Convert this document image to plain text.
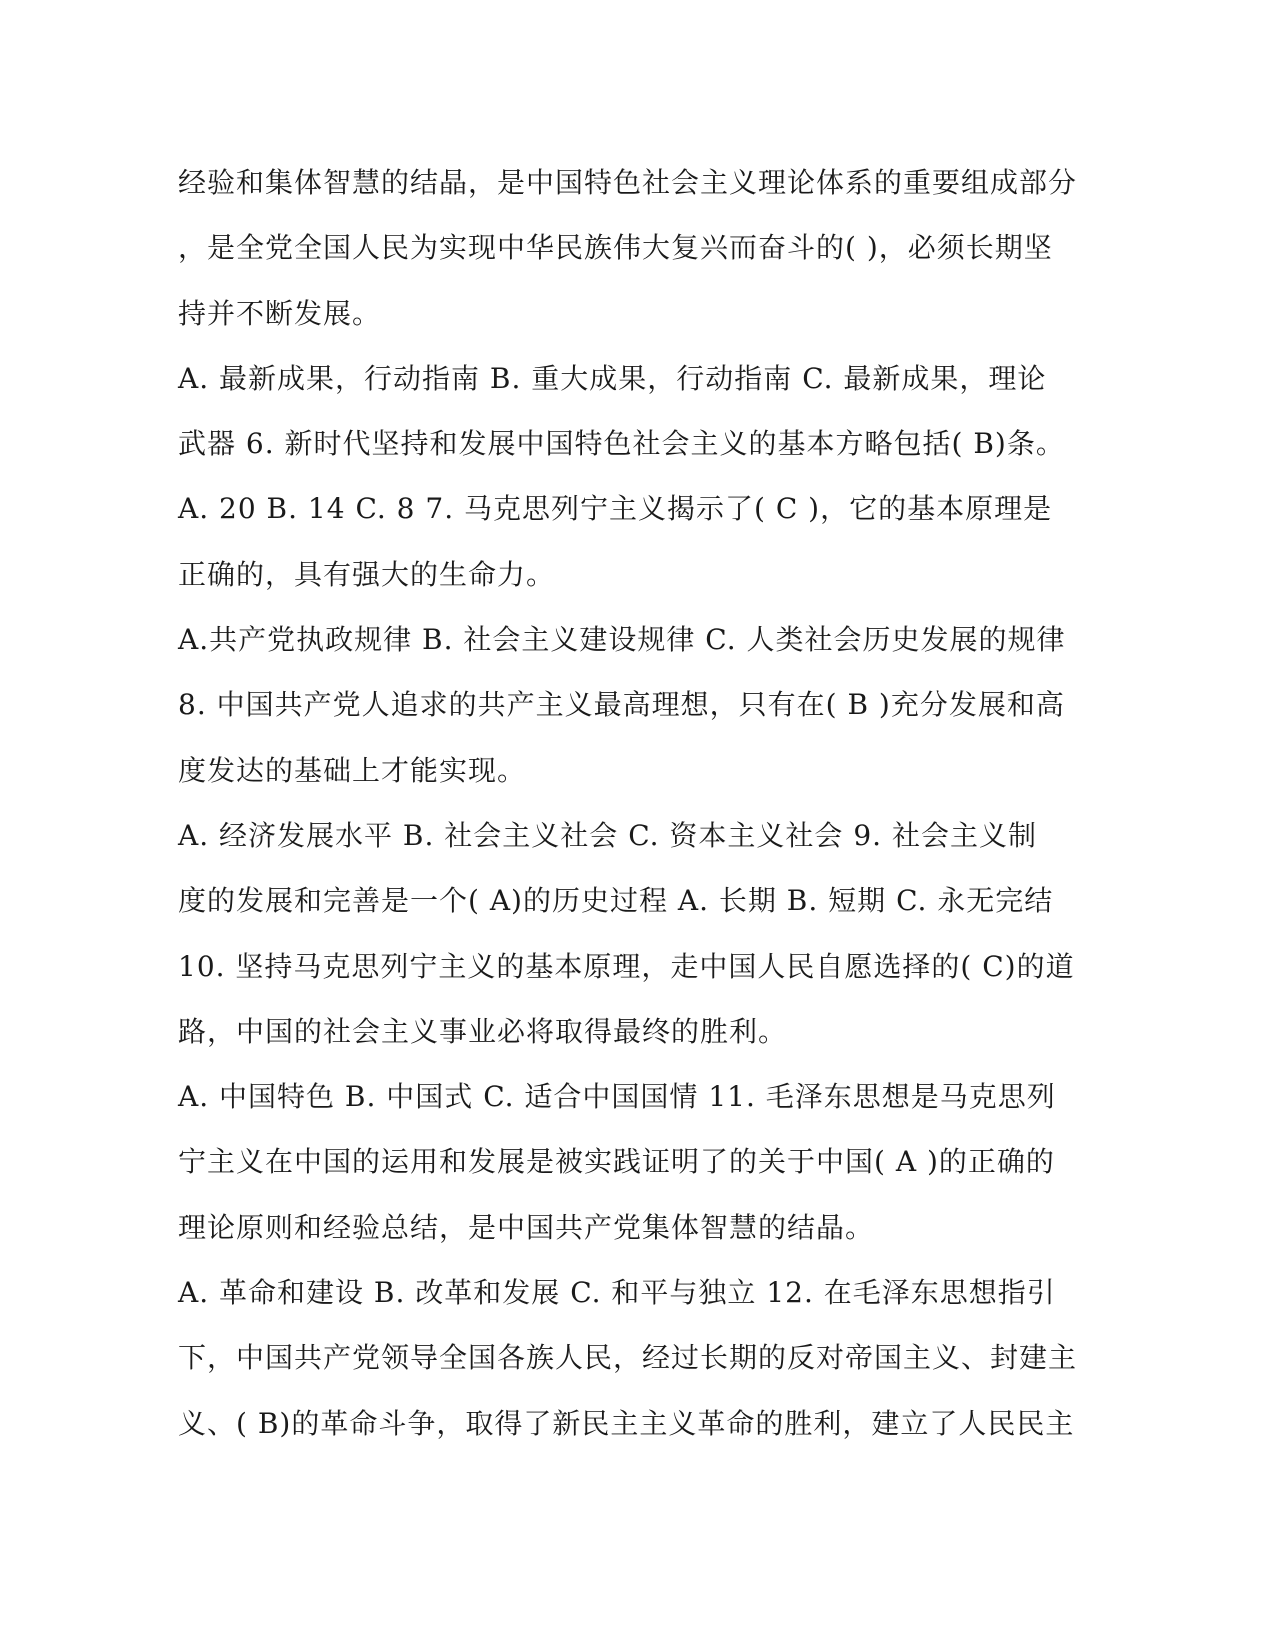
经验和集体智慧的结晶，是中国特色社会主义理论体系的重要组成部分
，是全党全国人民为实现中华民族伟大复兴而奋斗的( )，必须长期坚
持并不断发展。
A. 最新成果，行动指南 B. 重大成果，行动指南 C. 最新成果，理论
武器 6. 新时代坚持和发展中国特色社会主义的基本方略包括( B)条。
A. 20 B. 14 C. 8 7. 马克思列宁主义揭示了( C )，它的基本原理是
正确的，具有强大的生命力。
A.共产党执政规律 B. 社会主义建设规律 C. 人类社会历史发展的规律
8. 中国共产党人追求的共产主义最高理想，只有在( B )充分发展和高
度发达的基础上才能实现。
A. 经济发展水平 B. 社会主义社会 C. 资本主义社会 9. 社会主义制
度的发展和完善是一个( A)的历史过程 A. 长期 B. 短期 C. 永无完结
10. 坚持马克思列宁主义的基本原理，走中国人民自愿选择的( C)的道
路，中国的社会主义事业必将取得最终的胜利。
A. 中国特色 B. 中国式 C. 适合中国国情 11. 毛泽东思想是马克思列
宁主义在中国的运用和发展是被实践证明了的关于中国( A )的正确的
理论原则和经验总结，是中国共产党集体智慧的结晶。
A. 革命和建设 B. 改革和发展 C. 和平与独立 12. 在毛泽东思想指引
下，中国共产党领导全国各族人民，经过长期的反对帝国主义、封建主
义、( B)的革命斗争，取得了新民主主义革命的胜利，建立了人民民主
